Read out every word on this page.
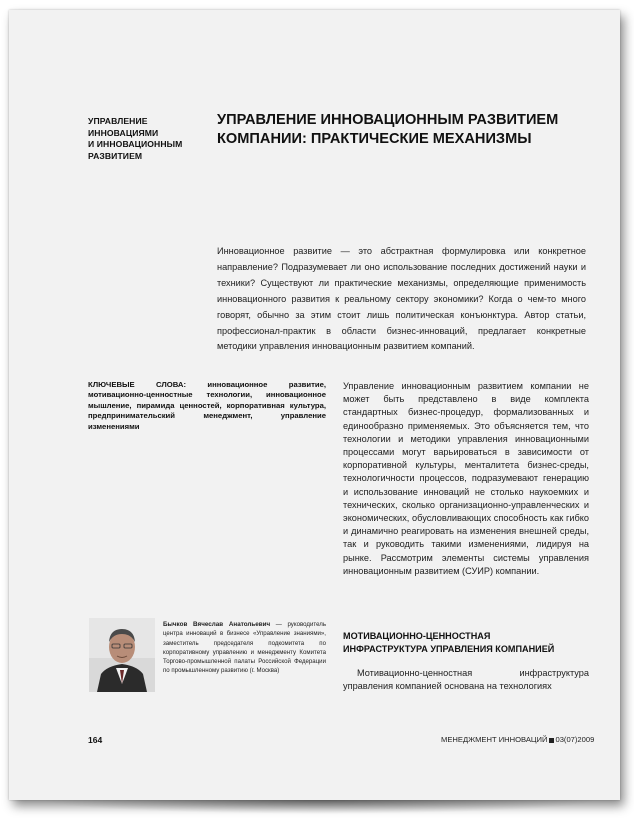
УПРАВЛЕНИЕ
ИННОВАЦИЯМИ
И ИННОВАЦИОННЫМ
РАЗВИТИЕМ
УПРАВЛЕНИЕ ИННОВАЦИОННЫМ РАЗВИТИЕМ
КОМПАНИИ: ПРАКТИЧЕСКИЕ МЕХАНИЗМЫ
Инновационное развитие — это абстрактная формулировка или конкретное направление? Подразумевает ли оно использование последних достижений науки и техники? Существуют ли практические механизмы, определяющие применимость инновационного развития к реальному сектору экономики? Когда о чем-то много говорят, обычно за этим стоит лишь политическая конъюнктура. Автор статьи, профессионал-практик в области бизнес-инноваций, предлагает конкретные методики управления инновационным развитием компаний.
КЛЮЧЕВЫЕ СЛОВА: инновационное развитие, мотивационно-ценностные технологии, инновационное мышление, пирамида ценностей, корпоративная культура, предпринимательский менеджмент, управление изменениями
Управление инновационным развитием компании не может быть представлено в виде комплекта стандартных бизнес-процедур, формализованных и единообразно применяемых. Это объясняется тем, что технологии и методики управления инновационными процессами могут варьироваться в зависимости от корпоративной культуры, менталитета бизнес-среды, технологичности процессов, подразумевают генерацию и использование инноваций не столько наукоемких и технических, сколько организационно-управленческих и экономических, обусловливающих способность как гибко и динамично реагировать на изменения внешней среды, так и руководить такими изменениями, лидируя на рынке. Рассмотрим элементы системы управления инновационным развитием (СУИР) компании.
МОТИВАЦИОННО-ЦЕННОСТНАЯ
ИНФРАСТРУКТУРА УПРАВЛЕНИЯ КОМПАНИЕЙ
Мотивационно-ценностная инфраструктура управления компанией основана на технологиях
Бычков Вячеслав Анатольевич — руководитель центра инноваций в бизнесе «Управление знаниями», заместитель председателя подкомитета по корпоративному управлению и менеджменту Комитета Торгово-промышленной палаты Российской Федерации по промышленному развитию (г. Москва)
164	МЕНЕДЖМЕНТ ИННОВАЦИЙ 03(07)2009
